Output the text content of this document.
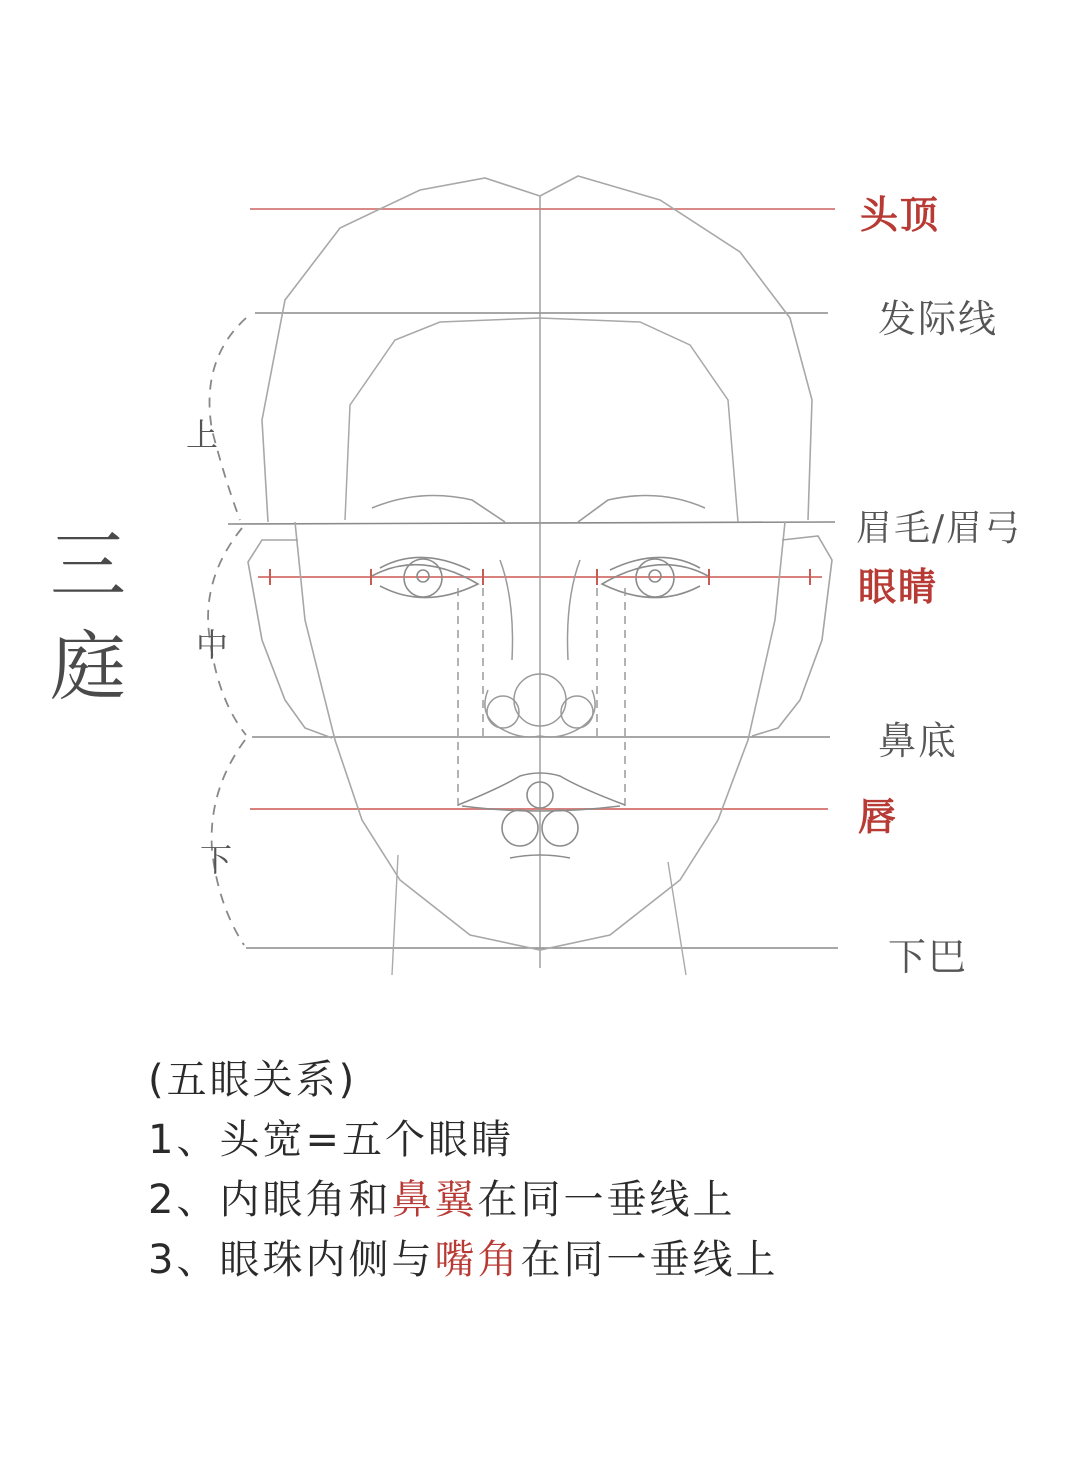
三
庭
上
中
下
头顶
发际线
眉毛/眉弓
眼睛
鼻底
唇
下巴
(五眼关系)
1、头宽=五个眼睛
2、内眼角和鼻翼在同一垂线上
3、眼珠内侧与嘴角在同一垂线上
